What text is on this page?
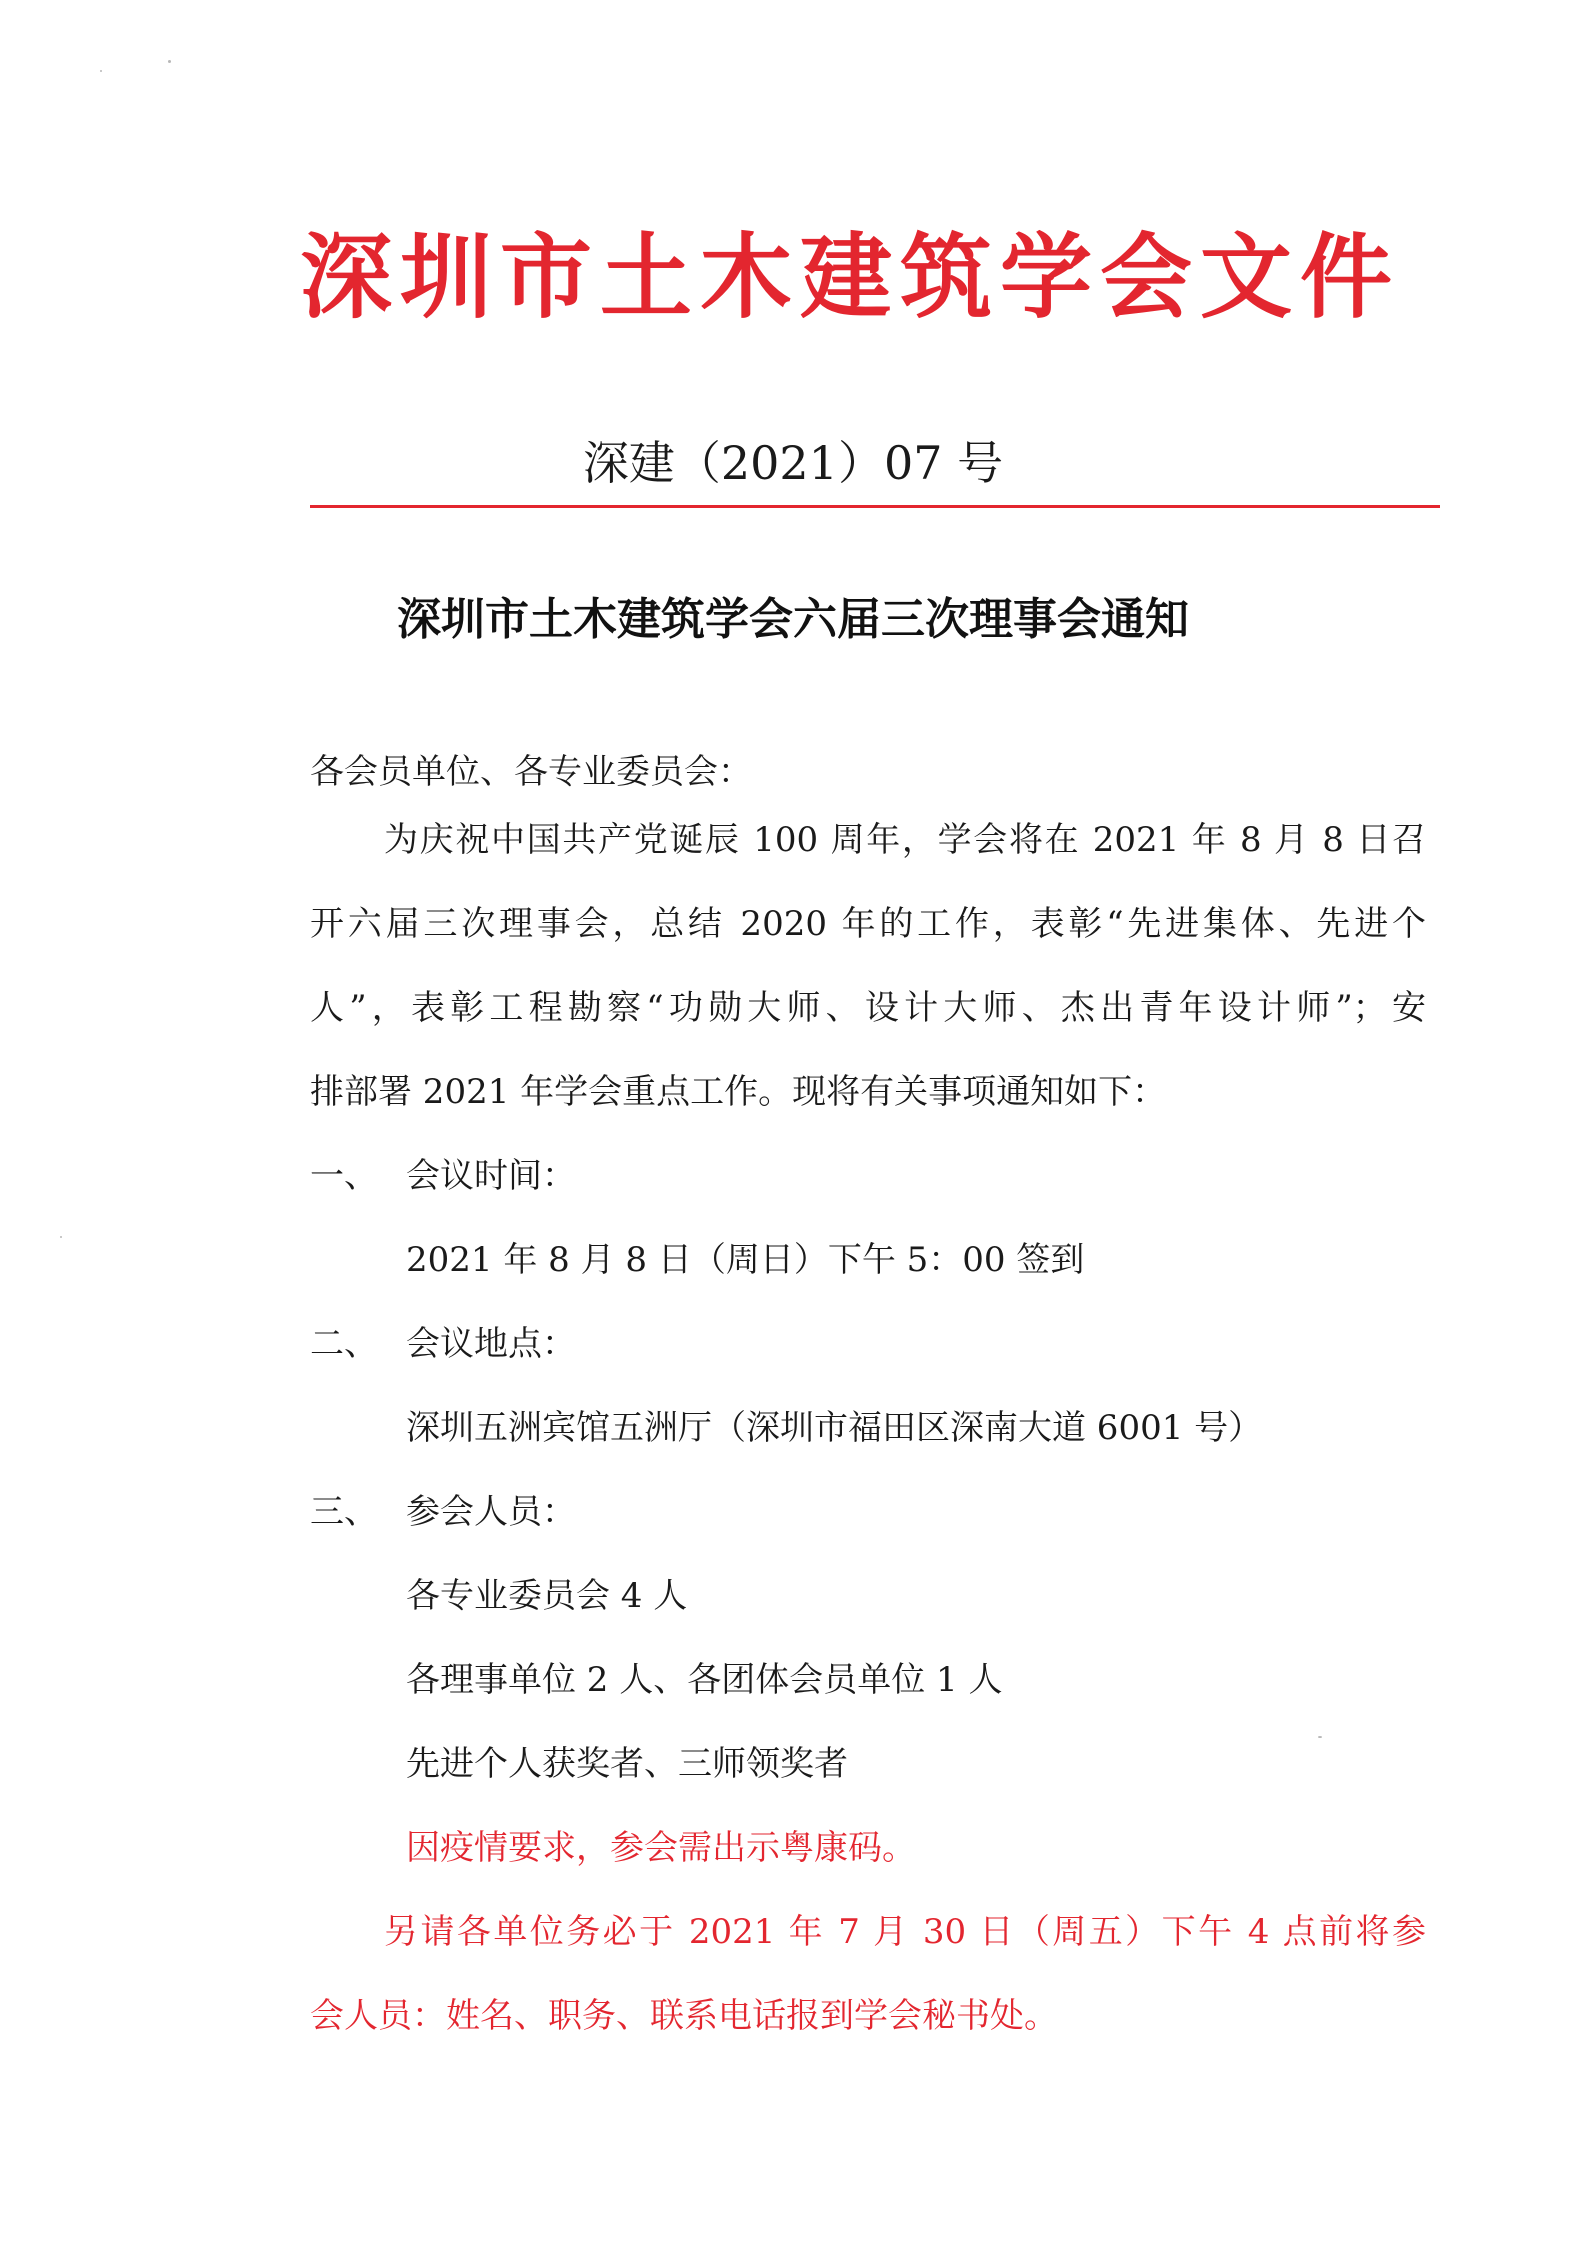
深圳市土木建筑学会文件
深建（2021）07 号
深圳市土木建筑学会六届三次理事会通知
各会员单位、各专业委员会：
为庆祝中国共产党诞辰 100 周年，学会将在 2021 年 8 月 8 日召
开六届三次理事会，总结 2020 年的工作，表彰“先进集体、先进个
人”，表彰工程勘察“功勋大师、设计大师、杰出青年设计师”；安
排部署 2021 年学会重点工作。现将有关事项通知如下：
一、 会议时间：
2021 年 8 月 8 日（周日）下午 5：00 签到
二、 会议地点：
深圳五洲宾馆五洲厅（深圳市福田区深南大道 6001 号）
三、 参会人员：
各专业委员会 4 人
各理事单位 2 人、各团体会员单位 1 人
先进个人获奖者、三师领奖者
因疫情要求，参会需出示粤康码。
另请各单位务必于 2021 年 7 月 30 日（周五）下午 4 点前将参
会人员：姓名、职务、联系电话报到学会秘书处。
